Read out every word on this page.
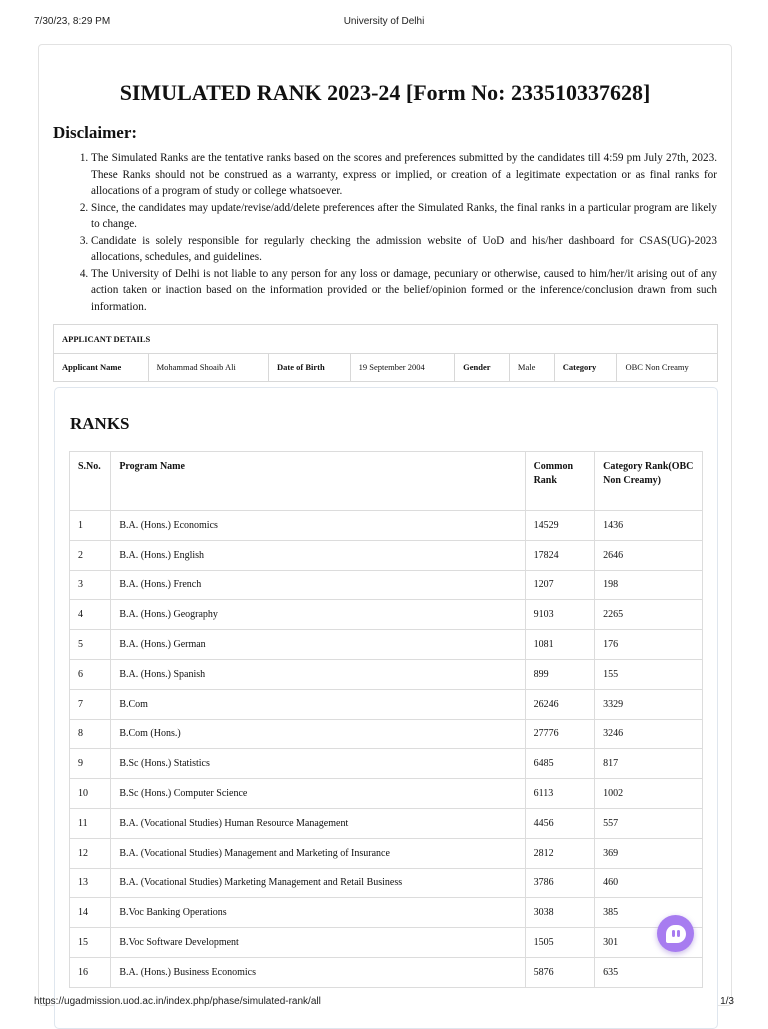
7/30/23, 8:29 PM	University of Delhi
SIMULATED RANK 2023-24 [Form No: 233510337628]
Disclaimer:
1. The Simulated Ranks are the tentative ranks based on the scores and preferences submitted by the candidates till 4:59 pm July 27th, 2023. These Ranks should not be construed as a warranty, express or implied, or creation of a legitimate expectation or as final ranks for allocations of a program of study or college whatsoever.
2. Since, the candidates may update/revise/add/delete preferences after the Simulated Ranks, the final ranks in a particular program are likely to change.
3. Candidate is solely responsible for regularly checking the admission website of UoD and his/her dashboard for CSAS(UG)-2023 allocations, schedules, and guidelines.
4. The University of Delhi is not liable to any person for any loss or damage, pecuniary or otherwise, caused to him/her/it arising out of any action taken or inaction based on the information provided or the belief/opinion formed or the inference/conclusion drawn from such information.
APPLICANT DETAILS
Applicant Name	Mohammad Shoaib Ali	Date of Birth	19 September 2004	Gender	Male	Category	OBC Non Creamy
RANKS
S.No.	Program Name	Common Rank	Category Rank(OBC Non Creamy)
1	B.A. (Hons.) Economics	14529	1436
2	B.A. (Hons.) English	17824	2646
3	B.A. (Hons.) French	1207	198
4	B.A. (Hons.) Geography	9103	2265
5	B.A. (Hons.) German	1081	176
6	B.A. (Hons.) Spanish	899	155
7	B.Com	26246	3329
8	B.Com (Hons.)	27776	3246
9	B.Sc (Hons.) Statistics	6485	817
10	B.Sc (Hons.) Computer Science	6113	1002
11	B.A. (Vocational Studies) Human Resource Management	4456	557
12	B.A. (Vocational Studies) Management and Marketing of Insurance	2812	369
13	B.A. (Vocational Studies) Marketing Management and Retail Business	3786	460
14	B.Voc Banking Operations	3038	385
15	B.Voc Software Development	1505	301
16	B.A. (Hons.) Business Economics	5876	635
https://ugadmission.uod.ac.in/index.php/phase/simulated-rank/all	1/3
